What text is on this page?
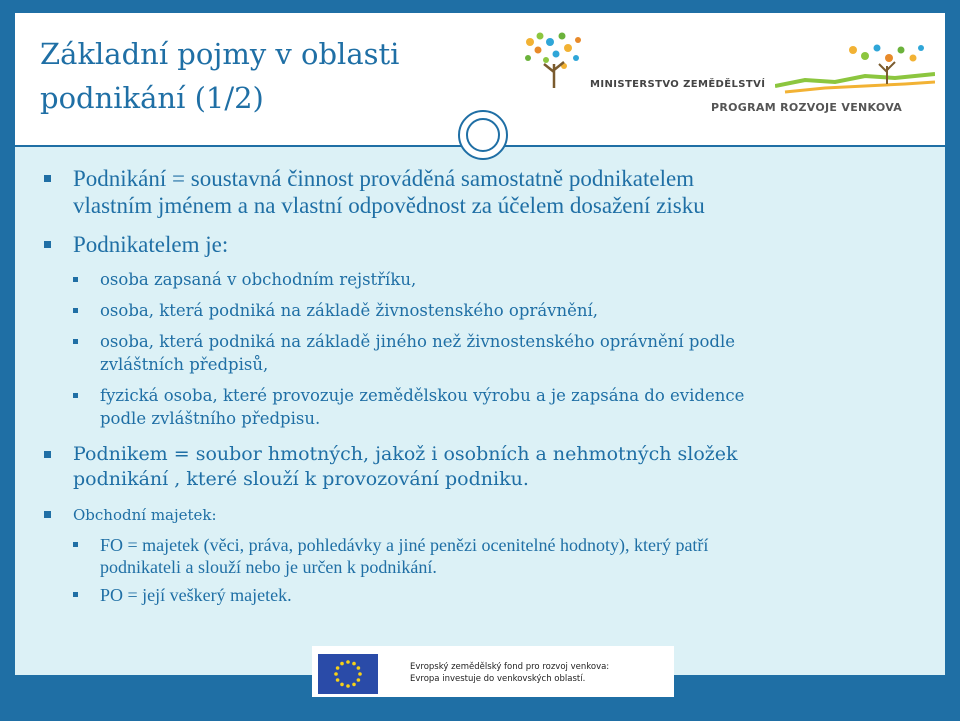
Základní pojmy v oblasti
podnikání (1/2)	MINISTERSTVO ZEMĚDĚLSTVÍ
PROGRAM ROZVOJE VENKOVA
Podnikání = soustavná činnost prováděná samostatně podnikatelem
vlastním jménem a na vlastní odpovědnost za účelem dosažení zisku
Podnikatelem je:
osoba zapsaná v obchodním rejstříku,
osoba, která podniká na základě živnostenského oprávnění,
osoba, která podniká na základě jiného než živnostenského oprávnění podle
zvláštních předpisů,
fyzická osoba, které provozuje zemědělskou výrobu a je zapsána do evidence
podle zvláštního předpisu.
Podnikem = soubor hmotných, jakož i osobních a nehmotných složek
podnikání , které slouží k provozování podniku.
Obchodní majetek:
FO = majetek (věci, práva, pohledávky a jiné penězi ocenitelné hodnoty), který patří
podnikateli a slouží nebo je určen k podnikání.
PO = její veškerý majetek.
Evropský zemědělský fond pro rozvoj venkova:
Evropa investuje do venkovských oblastí.
